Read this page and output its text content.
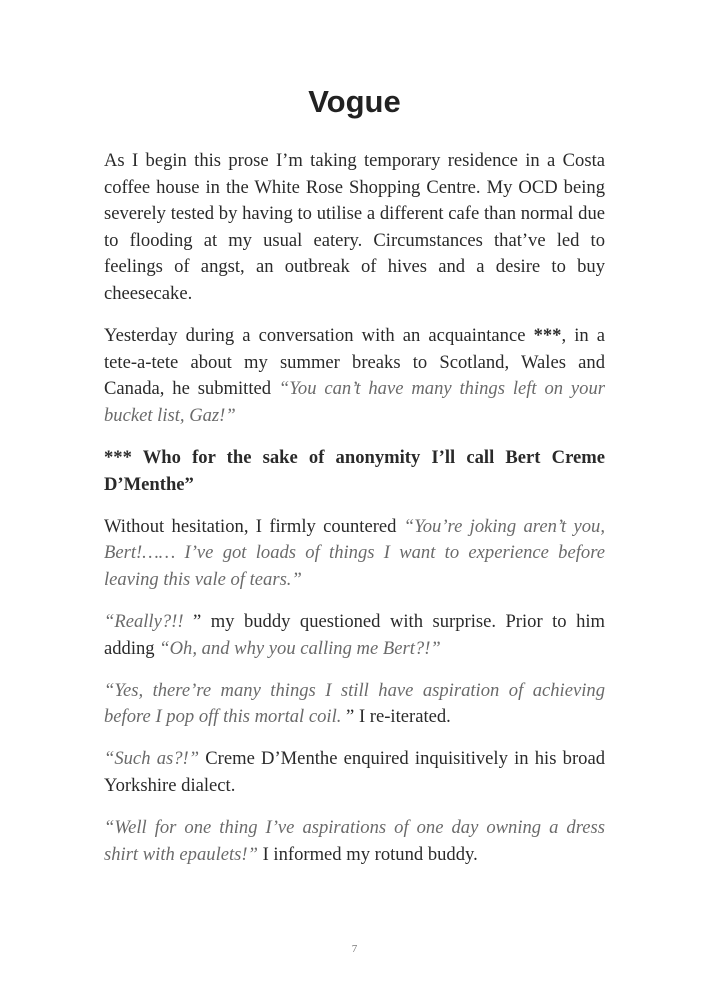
Vogue

As I begin this prose I’m taking temporary residence in a Costa coffee house in the White Rose Shopping Centre. My OCD being severely tested by having to utilise a different cafe than normal due to flooding at my usual eatery. Circumstances that’ve led to feelings of angst, an outbreak of hives and a desire to buy cheesecake.

Yesterday during a conversation with an acquaintance ***, in a tete-a-tete about my summer breaks to Scotland, Wales and Canada, he submitted “You can’t have many things left on your bucket list, Gaz!”

*** Who for the sake of anonymity I’ll call Bert Creme D’Menthe”

Without hesitation, I firmly countered “You’re joking aren’t you, Bert!…… I’ve got loads of things I want to experience before leaving this vale of tears.”

“Really?!! ” my buddy questioned with surprise. Prior to him adding “Oh, and why you calling me Bert?!”

“Yes, there’re many things I still have aspiration of achieving before I pop off this mortal coil. ” I re-iterated.

“Such as?!” Creme D’Menthe enquired inquisitively in his broad Yorkshire dialect.

“Well for one thing I’ve aspirations of one day owning a dress shirt with epaulets!” I informed my rotund buddy.

7
